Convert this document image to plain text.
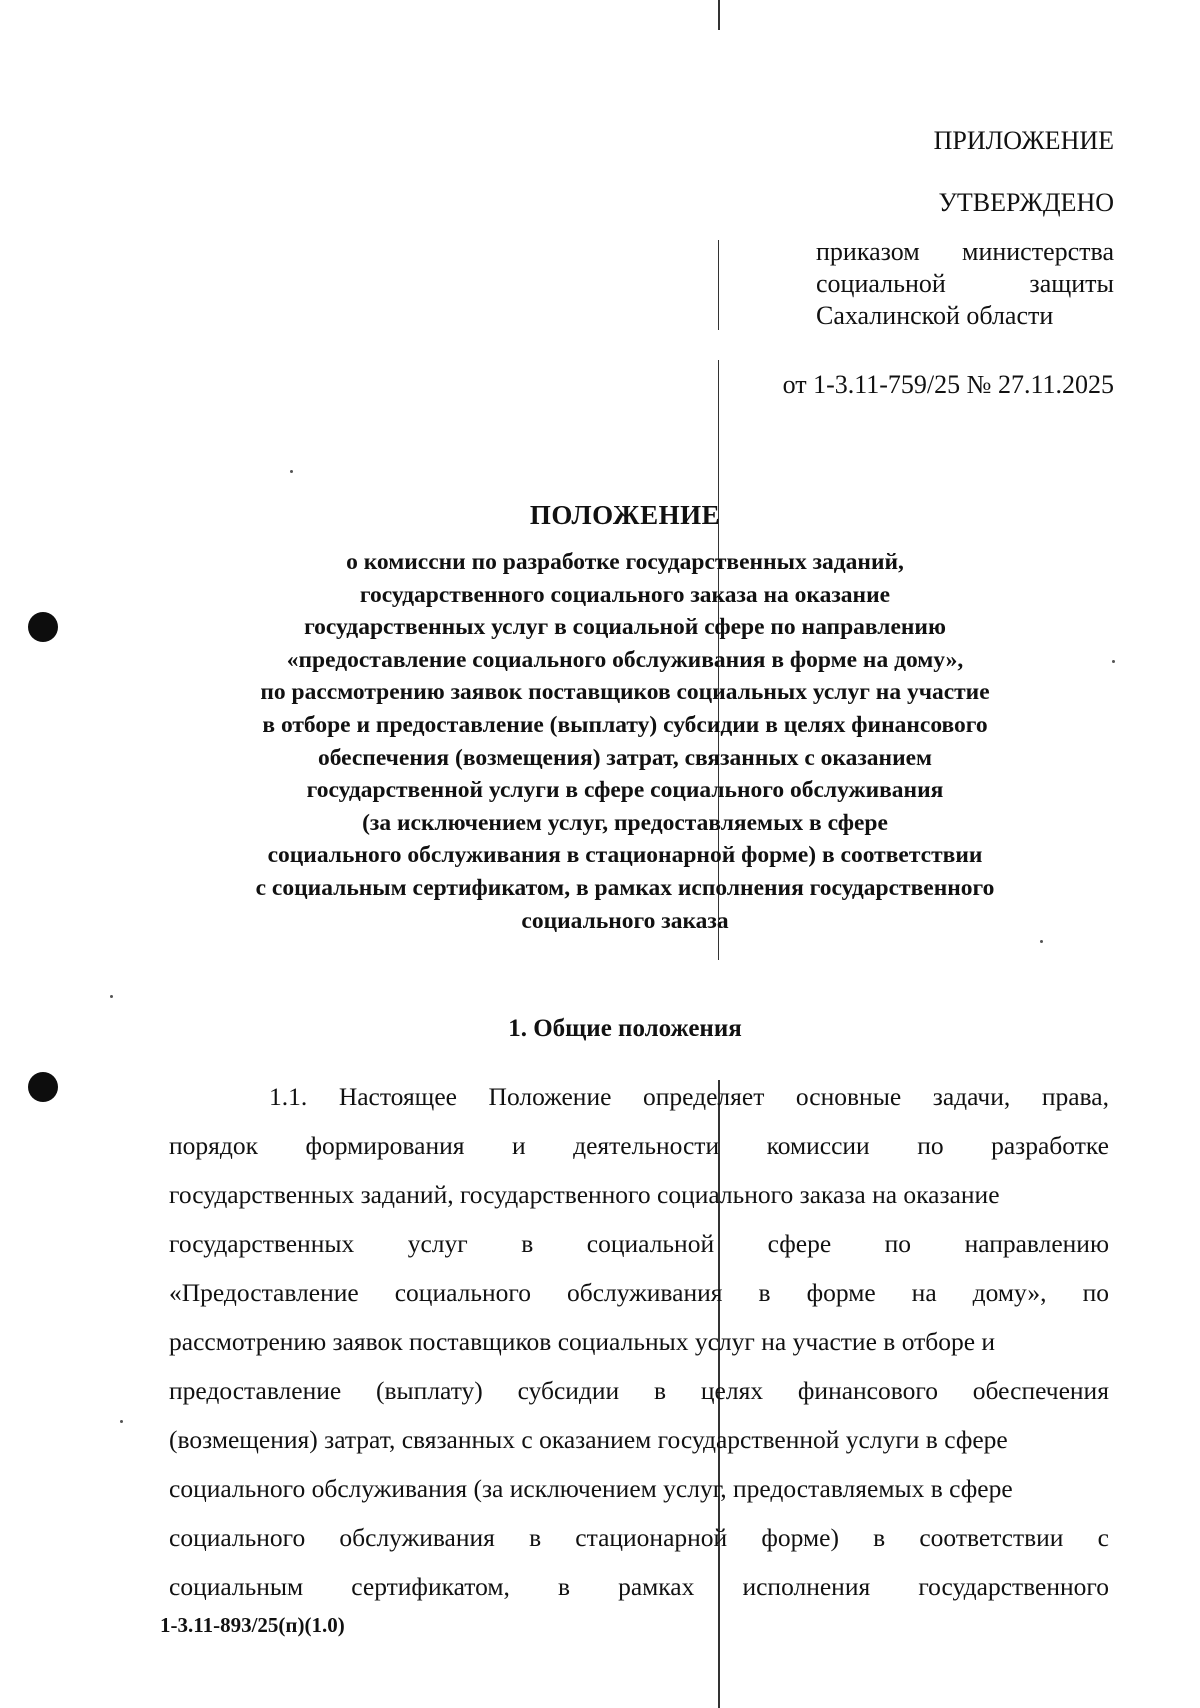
ПРИЛОЖЕНИЕ
УТВЕРЖДЕНО
приказом министерства
социальной	защиты
Сахалинской области
от 1-3.11-759/25 № 27.11.2025
ПОЛОЖЕНИЕ
о комиссни по разработке государственных заданий,
государственного социального заказа на оказание
государственных услуг в социальной сфере по направлению
«предоставление социального обслуживания в форме на дому»,
по рассмотрению заявок поставщиков социальных услуг на участие
в отборе и предоставление (выплату) субсидии в целях финансового
обеспечения (возмещения) затрат, связанных с оказанием
государственной услуги в сфере социального обслуживания
(за исключением услуг, предоставляемых в сфере
социального обслуживания в стационарной форме) в соответствии
с социальным сертификатом, в рамках исполнения государственного
социального заказа
1. Общие положения
1.1. Настоящее Положение определяет основные задачи, права,
порядок формирования и деятельности комиссии по разработке
государственных заданий, государственного социального заказа на оказание
государственных услуг в социальной сфере по направлению
«Предоставление социального обслуживания в форме на дому», по
рассмотрению заявок поставщиков социальных услуг на участие в отборе и
предоставление (выплату) субсидии в целях финансового обеспечения
(возмещения) затрат, связанных с оказанием государственной услуги в сфере
социального обслуживания (за исключением услуг, предоставляемых в сфере
социального обслуживания в стационарной форме) в соответствии с
социальным сертификатом, в рамках исполнения государственного
1-3.11-893/25(п)(1.0)
